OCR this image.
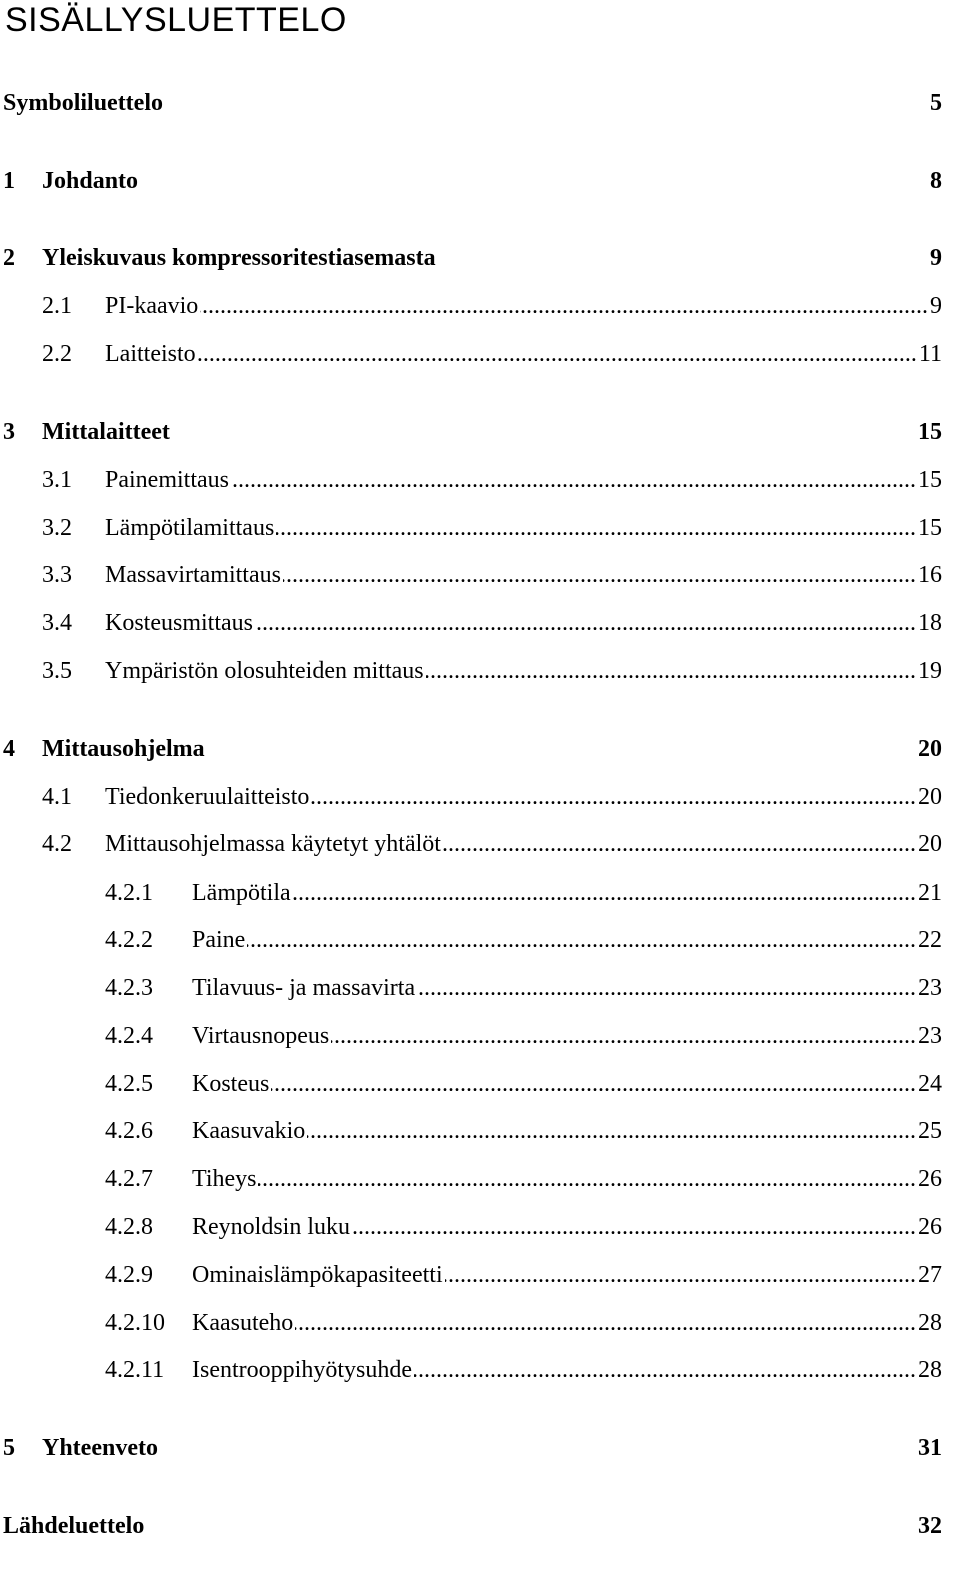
SISÄLLYSLUETTELO
Symboliluettelo	5
1 Johdanto	8
2 Yleiskuvaus kompressoritestiasemasta	9
2.1 PI-kaavio	9
.....
2.2 Laitteisto	11
.....
3 Mittalaitteet	15
3.1 Painemittaus	15
.....
3.2 Lämpötilamittaus	15
.....
3.3 Massavirtamittaus	16
.....
3.4 Kosteusmittaus	18
.....
3.5 Ympäristön olosuhteiden mittaus	19
.....
4 Mittausohjelma	20
4.1 Tiedonkeruulaitteisto	20
.....
4.2 Mittausohjelmassa käytetyt yhtälöt	20
.....
4.2.1 Lämpötila	21
.....
4.2.2 Paine	22
.....
4.2.3 Tilavuus- ja massavirta	23
.....
4.2.4 Virtausnopeus	23
.....
4.2.5 Kosteus	24
.....
4.2.6 Kaasuvakio	25
.....
4.2.7 Tiheys	26
.....
4.2.8 Reynoldsin luku	26
.....
4.2.9 Ominaislämpökapasiteetti	27
.....
4.2.10 Kaasuteho	28
.....
4.2.11 Isentrooppihyötysuhde	28
.....
5 Yhteenveto	31
Lähdeluettelo	32
